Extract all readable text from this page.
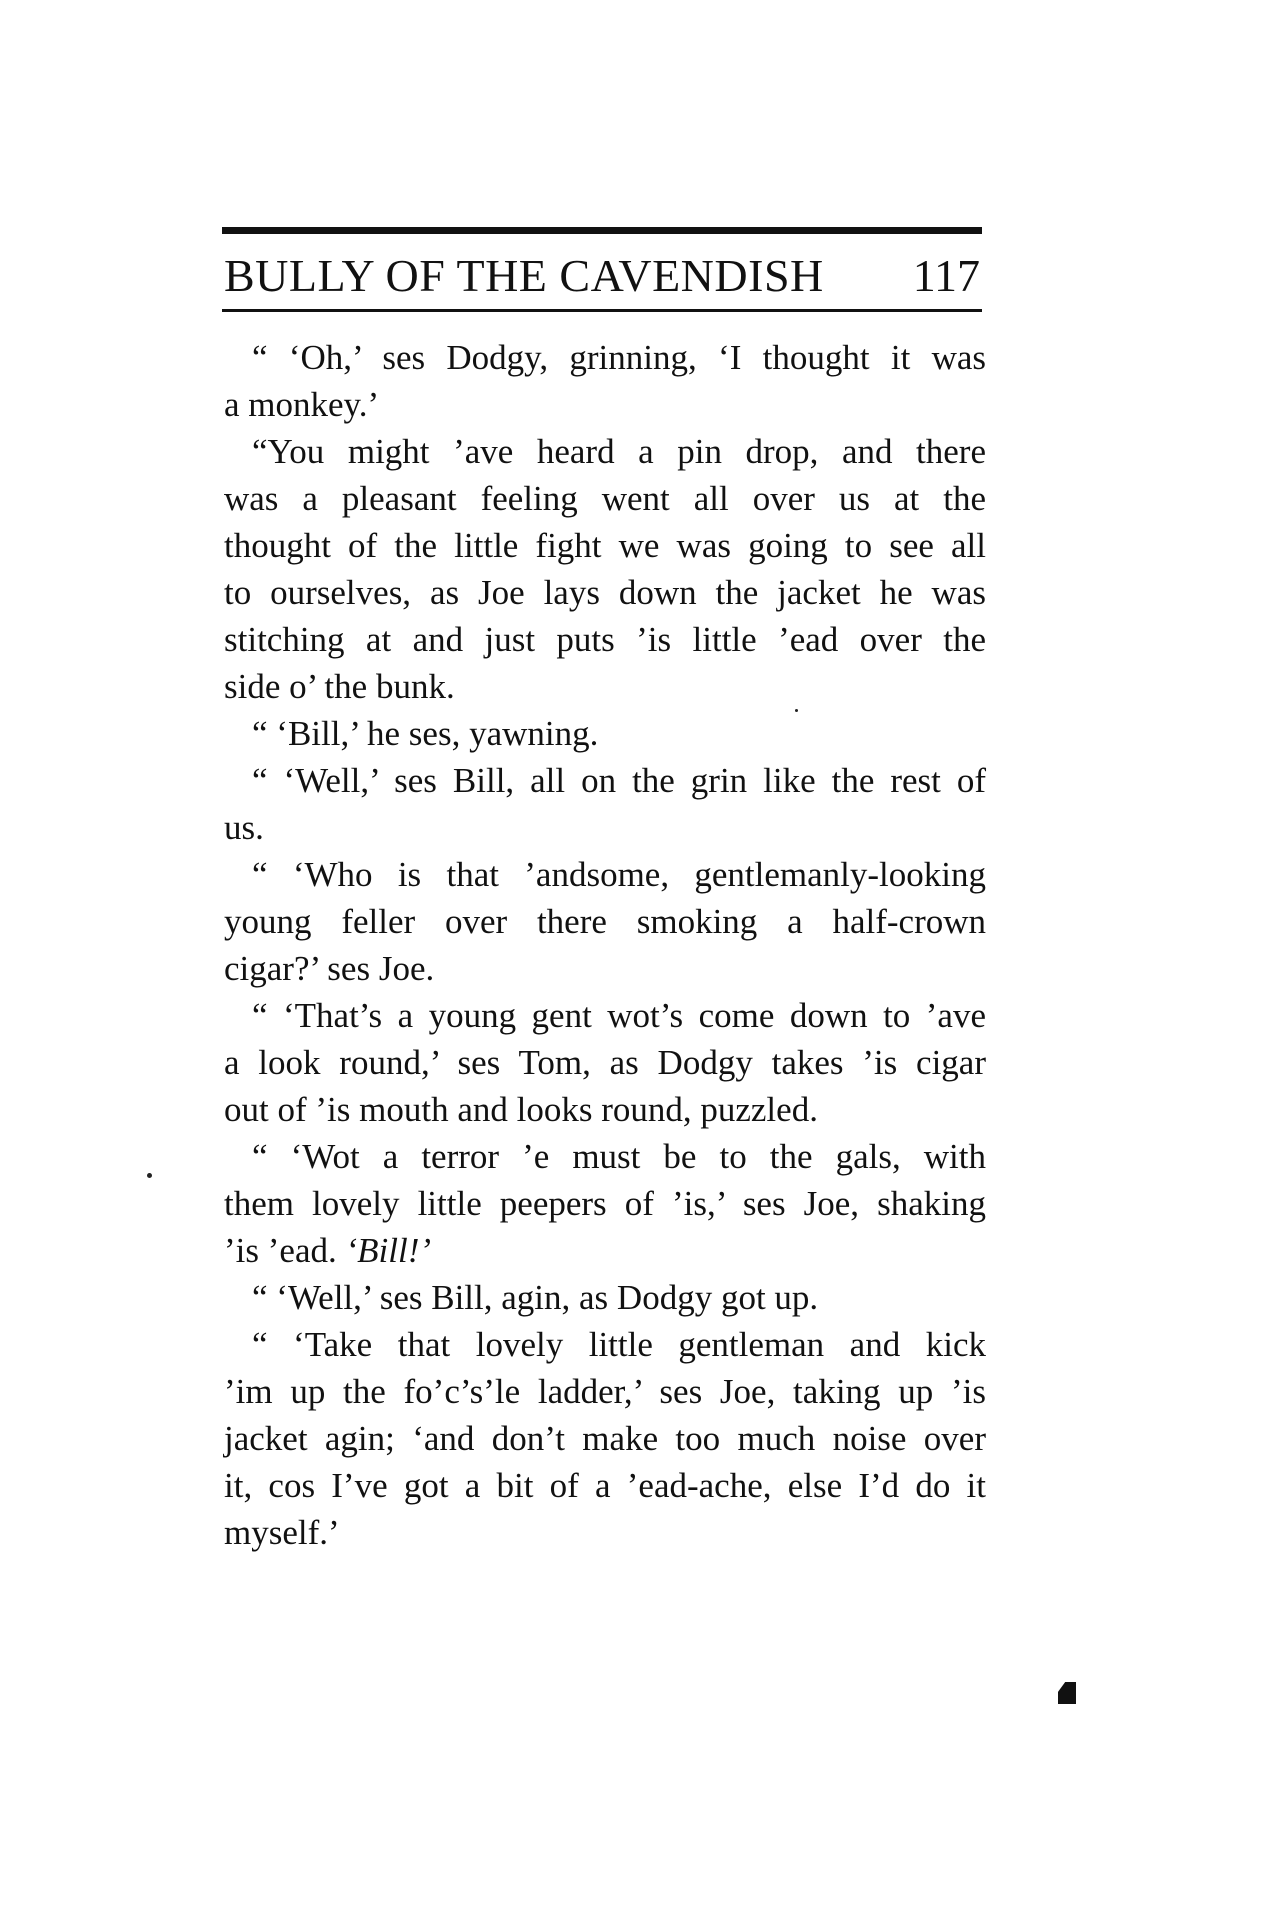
BULLY OF THE CAVENDISH 117
“ ‘Oh,’ ses Dodgy, grinning, ‘I thought it was
a monkey.’
“You might ’ave heard a pin drop, and there
was a pleasant feeling went all over us at the
thought of the little fight we was going to see all
to ourselves, as Joe lays down the jacket he was
stitching at and just puts ’is little ’ead over the
side o’ the bunk.
“ ‘Bill,’ he ses, yawning.
“ ‘Well,’ ses Bill, all on the grin like the rest of
us.
“ ‘Who is that ’andsome, gentlemanly-looking
young feller over there smoking a half-crown
cigar?’ ses Joe.
“ ‘That’s a young gent wot’s come down to ’ave
a look round,’ ses Tom, as Dodgy takes ’is cigar
out of ’is mouth and looks round, puzzled.
“ ‘Wot a terror ’e must be to the gals, with
them lovely little peepers of ’is,’ ses Joe, shaking
’is ’ead. ‘Bill!’
“ ‘Well,’ ses Bill, agin, as Dodgy got up.
“ ‘Take that lovely little gentleman and kick
’im up the fo’c’s’le ladder,’ ses Joe, taking up ’is
jacket agin; ‘and don’t make too much noise over
it, cos I’ve got a bit of a ’ead-ache, else I’d do it
myself.’
